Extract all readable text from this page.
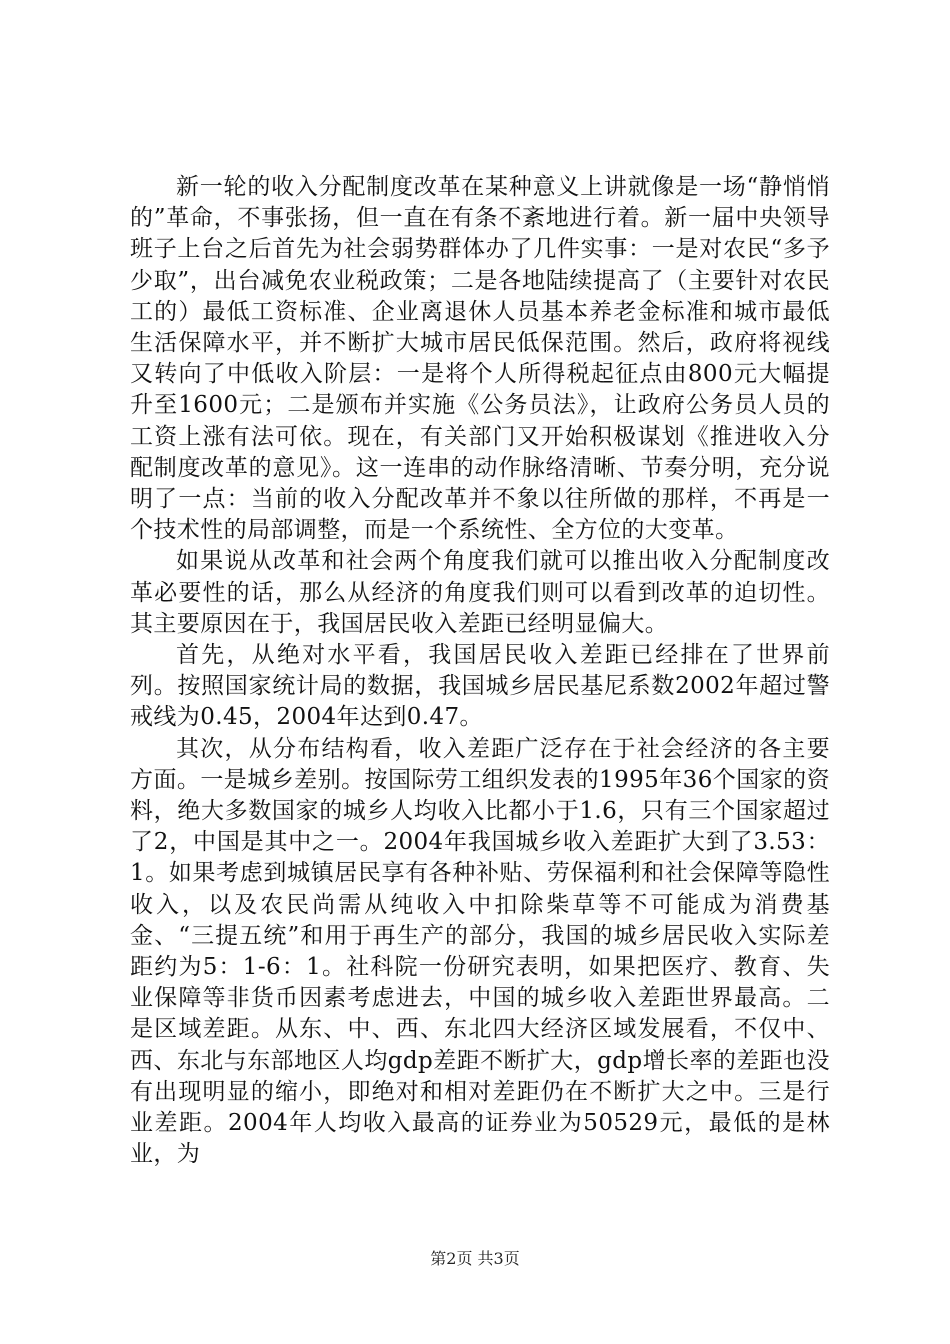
新一轮的收入分配制度改革在某种意义上讲就像是一场“静悄悄的”革命，不事张扬，但一直在有条不紊地进行着。新一届中央领导班子上台之后首先为社会弱势群体办了几件实事：一是对农民“多予少取”，出台减免农业税政策；二是各地陆续提高了（主要针对农民工的）最低工资标准、企业离退休人员基本养老金标准和城市最低生活保障水平，并不断扩大城市居民低保范围。然后，政府将视线又转向了中低收入阶层：一是将个人所得税起征点由800元大幅提升至1600元；二是颁布并实施《公务员法》，让政府公务员人员的工资上涨有法可依。现在，有关部门又开始积极谋划《推进收入分配制度改革的意见》。这一连串的动作脉络清晰、节奏分明，充分说明了一点：当前的收入分配改革并不象以往所做的那样，不再是一个技术性的局部调整，而是一个系统性、全方位的大变革。

如果说从改革和社会两个角度我们就可以推出收入分配制度改革必要性的话，那么从经济的角度我们则可以看到改革的迫切性。其主要原因在于，我国居民收入差距已经明显偏大。

首先，从绝对水平看，我国居民收入差距已经排在了世界前列。按照国家统计局的数据，我国城乡居民基尼系数2002年超过警戒线为0.45，2004年达到0.47。

其次，从分布结构看，收入差距广泛存在于社会经济的各主要方面。一是城乡差别。按国际劳工组织发表的1995年36个国家的资料，绝大多数国家的城乡人均收入比都小于1.6，只有三个国家超过了2，中国是其中之一。2004年我国城乡收入差距扩大到了3.53：1。如果考虑到城镇居民享有各种补贴、劳保福利和社会保障等隐性收入，以及农民尚需从纯收入中扣除柴草等不可能成为消费基金、“三提五统”和用于再生产的部分，我国的城乡居民收入实际差距约为5：1-6：1。社科院一份研究表明，如果把医疗、教育、失业保障等非货币因素考虑进去，中国的城乡收入差距世界最高。二是区域差距。从东、中、西、东北四大经济区域发展看，不仅中、西、东北与东部地区人均gdp差距不断扩大，gdp增长率的差距也没有出现明显的缩小，即绝对和相对差距仍在不断扩大之中。三是行业差距。2004年人均收入最高的证券业为50529元，最低的是林业，为

第2页 共3页
